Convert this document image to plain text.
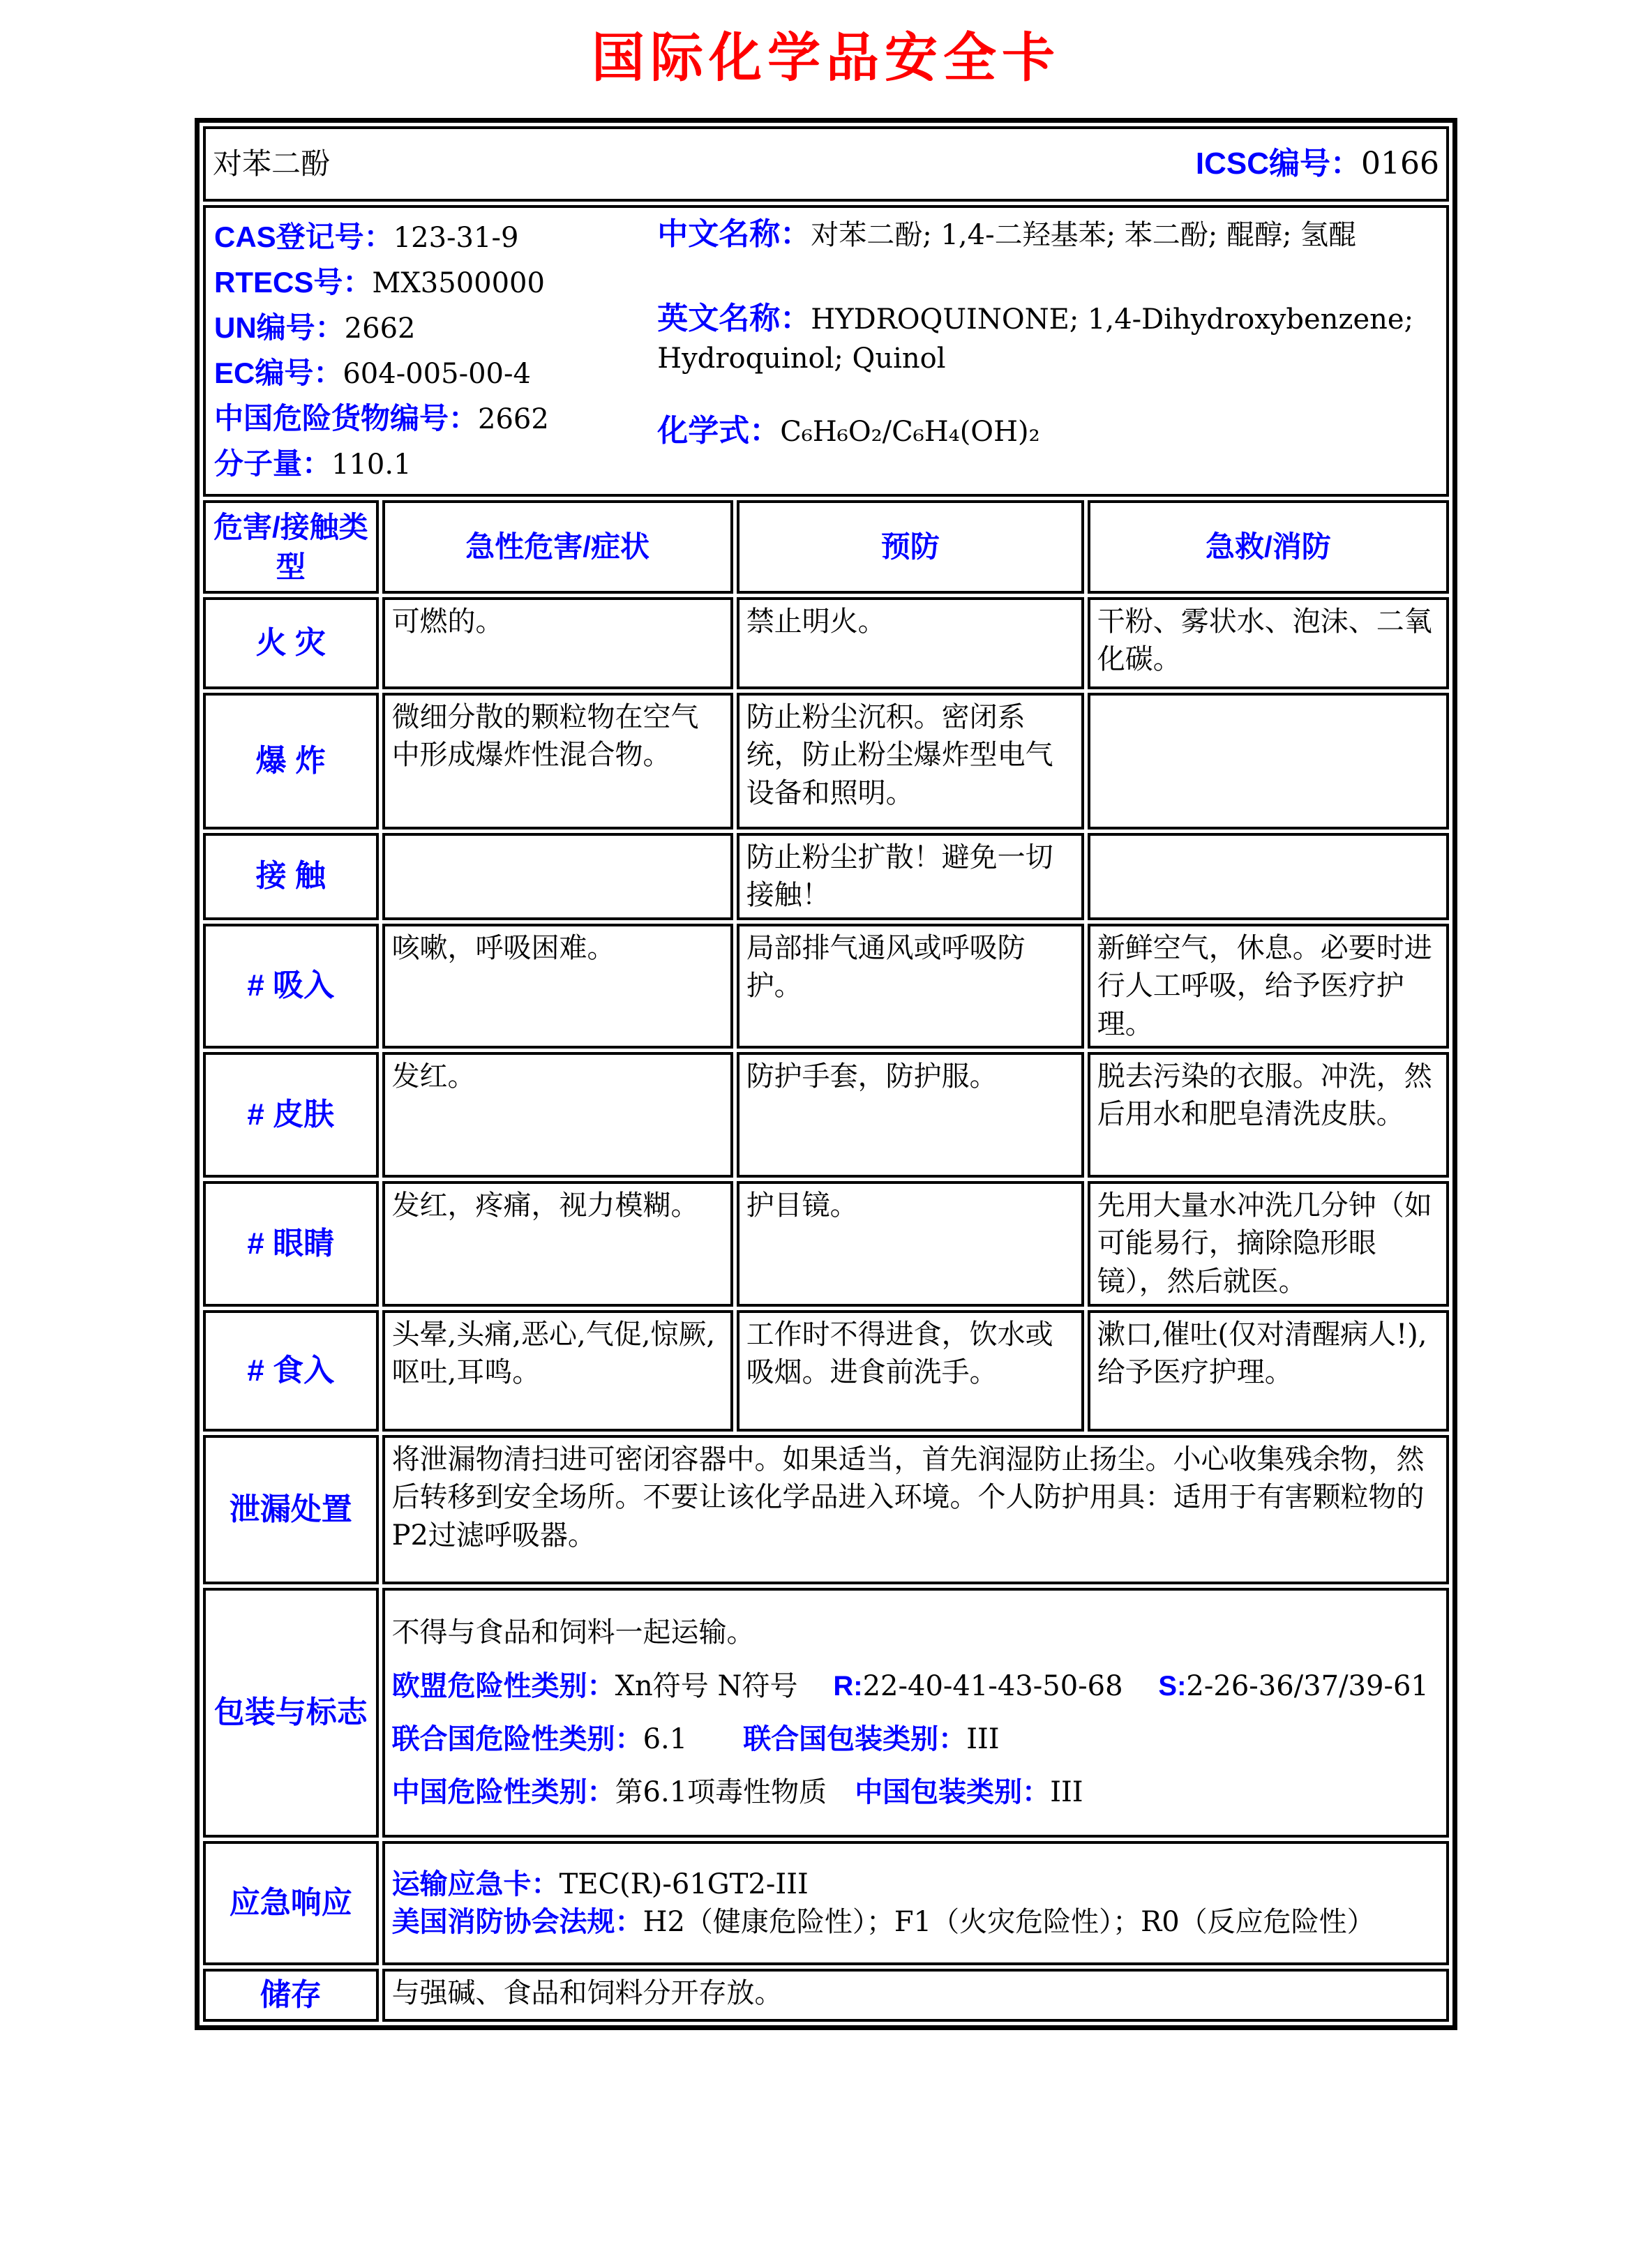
国际化学品安全卡
对苯二酚 ICSC编号：0166			

CAS登记号：123-31-9

RTECS号：MX3500000

UN编号：2662

EC编号：604-005-00-4

中国危险货物编号：2662

分子量：110.1

中文名称：对苯二酚; 1,4-二羟基苯; 苯二酚; 醌醇; 氢醌

英文名称：HYDROQUINONE; 1,4-Dihydroxybenzene; Hydroquinol; Quinol

化学式：C₆H₆O₂/C₆H₄(OH)₂

危害/接触类型	急性危害/症状	预防	急救/消防
火 灾	可燃的。	禁止明火。	干粉、雾状水、泡沫、二氧化碳。
爆 炸	微细分散的颗粒物在空气中形成爆炸性混合物。	防止粉尘沉积。密闭系统，防止粉尘爆炸型电气设备和照明。	
接 触		防止粉尘扩散！避免一切接触！	
# 吸入	咳嗽，呼吸困难。	局部排气通风或呼吸防护。	新鲜空气，休息。必要时进行人工呼吸，给予医疗护理。
# 皮肤	发红。	防护手套，防护服。	脱去污染的衣服。冲洗，然后用水和肥皂清洗皮肤。
# 眼睛	发红，疼痛，视力模糊。	护目镜。	先用大量水冲洗几分钟（如可能易行，摘除隐形眼镜），然后就医。
# 食入	头晕,头痛,恶心,气促,惊厥,呕吐,耳鸣。	工作时不得进食，饮水或吸烟。进食前洗手。	漱口,催吐(仅对清醒病人!),给予医疗护理。
泄漏处置	将泄漏物清扫进可密闭容器中。如果适当，首先润湿防止扬尘。小心收集残余物，然后转移到安全场所。不要让该化学品进入环境。个人防护用具：适用于有害颗粒物的P2过滤呼吸器。		

包装与标志	不得与食品和饲料一起运输。
欧盟危险性类别：Xn符号 N符号    R:22-40-41-43-50-68    S:2-26-36/37/39-61
联合国危险性类别：6.1　　联合国包装类别：III
中国危险性类别：第6.1项毒性物质　中国包装类别：III		

应急响应	运输应急卡：TEC(R)-61GT2-III
美国消防协会法规：H2（健康危险性）；F1（火灾危险性）；R0（反应危险性）		

储存	与强碱、食品和饲料分开存放。		
